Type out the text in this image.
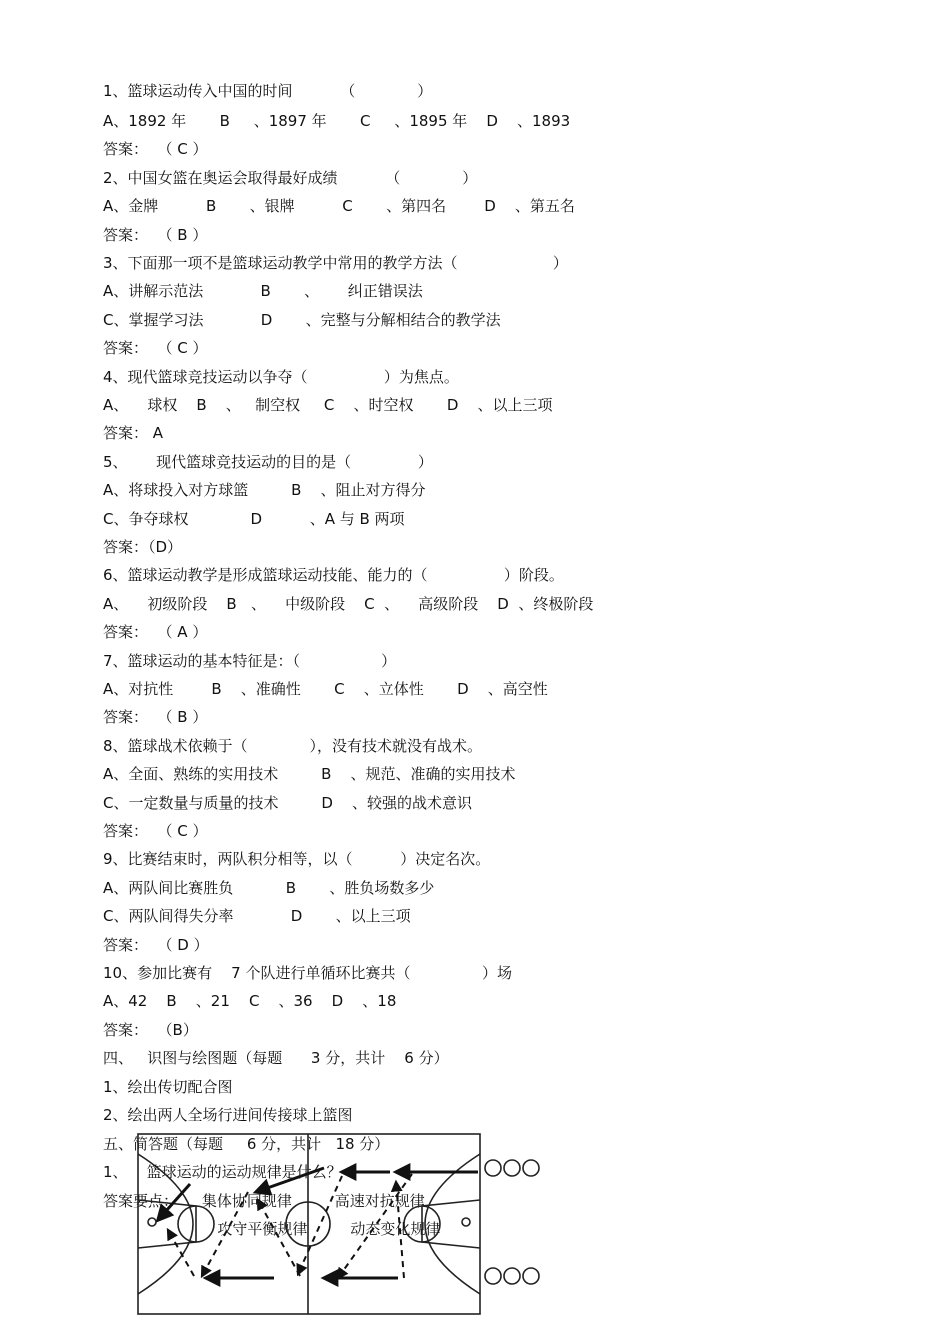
1、篮球运动传入中国的时间          （             ）
A、1892 年       B     、1897 年       C     、1895 年    D    、1893
答案：  （ C ）
2、中国女篮在奥运会取得最好成绩          （             ）
A、金牌          B       、银牌          C       、第四名        D    、第五名
答案：  （ B ）
3、下面那一项不是篮球运动教学中常用的教学方法（                    ）
A、讲解示范法            B       、      纠正错误法
C、掌握学习法            D       、完整与分解相结合的教学法
答案：  （ C ）
4、现代篮球竞技运动以争夺（                ）为焦点。
A、    球权    B    、   制空权     C    、时空权       D    、以上三项
答案： A
5、      现代篮球竞技运动的目的是（              ）
A、将球投入对方球篮         B    、阻止对方得分
C、争夺球权             D          、A 与 B 两项
答案：（D）
6、篮球运动教学是形成篮球运动技能、能力的（                ）阶段。
A、    初级阶段    B   、    中级阶段    C  、    高级阶段    D  、终极阶段
答案：  （ A ）
7、篮球运动的基本特征是：（                 ）
A、对抗性        B    、准确性       C    、立体性       D    、高空性
答案：  （ B ）
8、篮球战术依赖于（             ），没有技术就没有战术。
A、全面、熟练的实用技术         B    、规范、准确的实用技术
C、一定数量与质量的技术         D    、较强的战术意识
答案：  （ C ）
9、比赛结束时，两队积分相等，以（          ）决定名次。
A、两队间比赛胜负           B       、胜负场数多少
C、两队间得失分率            D       、以上三项
答案：  （ D ）
10、参加比赛有    7 个队进行单循环比赛共（               ）场
A、42    B    、21    C    、36    D    、18
答案：  （B）
四、   识图与绘图题（每题      3 分，共计    6 分）
1、绘出传切配合图
2、绘出两人全场行进间传接球上篮图
五、简答题（每题     6 分，共计   18 分）
1、    篮球运动的运动规律是什么？
答案要点：     集体协同规律         高速对抗规律
攻守平衡规律         动态变化规律
